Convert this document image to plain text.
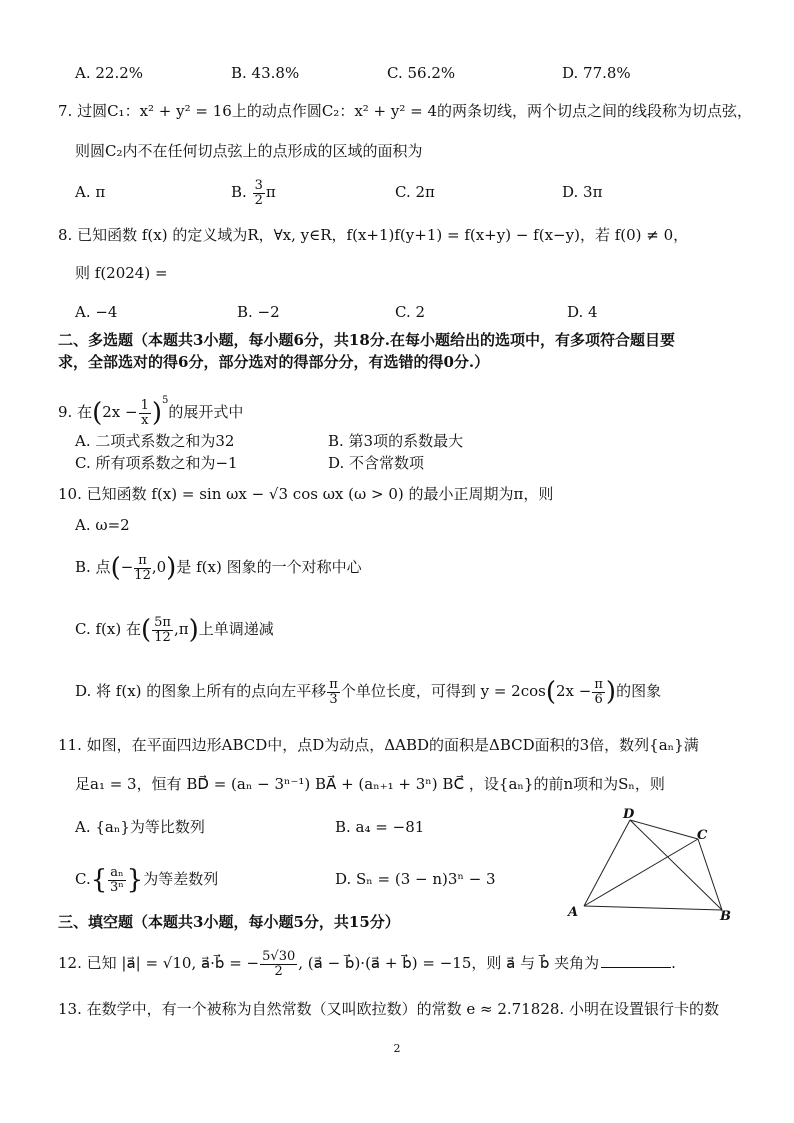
A. 22.2%	B. 43.8%	C. 56.2%	D. 77.8%
7. 过圆C₁：x² + y² = 16上的动点作圆C₂：x² + y² = 4的两条切线，两个切点之间的线段称为切点弦，
则圆C₂内不在任何切点弦上的点形成的区域的面积为
A. π	B. $\frac{3}{2}$ π	C. 2π	D. 3π
8. 已知函数 f(x) 的定义域为R，∀x, y∈R，f(x+1)f(y+1) = f(x+y) − f(x−y)，若 f(0) ≠ 0，
则 f(2024) =
A. −4	B. −2	C. 2	D. 4
二、多选题（本题共3小题，每小题6分，共18分.在每小题给出的选项中，有多项符合题目要
求，全部选对的得6分，部分选对的得部分分，有选错的得0分.）
9. 在$(2x - \frac{1}{x} )^5$的展开式中
A. 二项式系数之和为32	B. 第3项的系数最大
C. 所有项系数之和为−1	D. 不含常数项
10. 已知函数 f(x) = sin ωx − √3 cos ωx (ω > 0) 的最小正周期为π，则
A. ω=2
B. 点(− $\frac{\pi}{12} ,0$)是 f(x) 图象的一个对称中心
C. f(x) 在( $\frac{5\pi}{12} ,\pi$)上单调递减
D. 将 f(x) 的图象上所有的点向左平移 $\frac{\pi}{3}$ 个单位长度，可得到 $y = 2\cos(2x - \frac{\pi}{6}$ )的图象
11. 如图，在平面四边形ABCD中，点D为动点，ΔABD的面积是ΔBCD面积的3倍，数列{aₙ}满
足a₁ = 3，恒有 BD⃗ = (aₙ − 3ⁿ⁻¹) BA⃗ + (aₙ₊₁ + 3ⁿ) BC⃗ ，设{aₙ}的前n项和为Sₙ，则
A. {aₙ}为等比数列	B. a₄ = −81
$C.\{ \frac{\text{aₙ}}{\text{3ⁿ}}$ }为等差数列	D. Sₙ = (3 − n)3ⁿ − 3
D
C
A	B
三、填空题（本题共3小题，每小题5分，共15分）
12. 已知 |a⃗| = √10, a⃗·b⃗ = − $\frac{5√30}{2}$ , (a⃗ − b⃗)·(a⃗ + b⃗) = −15，则 a⃗ 与 b⃗ 夹角为	.
13. 在数学中，有一个被称为自然常数（又叫欧拉数）的常数 e ≈ 2.71828. 小明在设置银行卡的数
2
